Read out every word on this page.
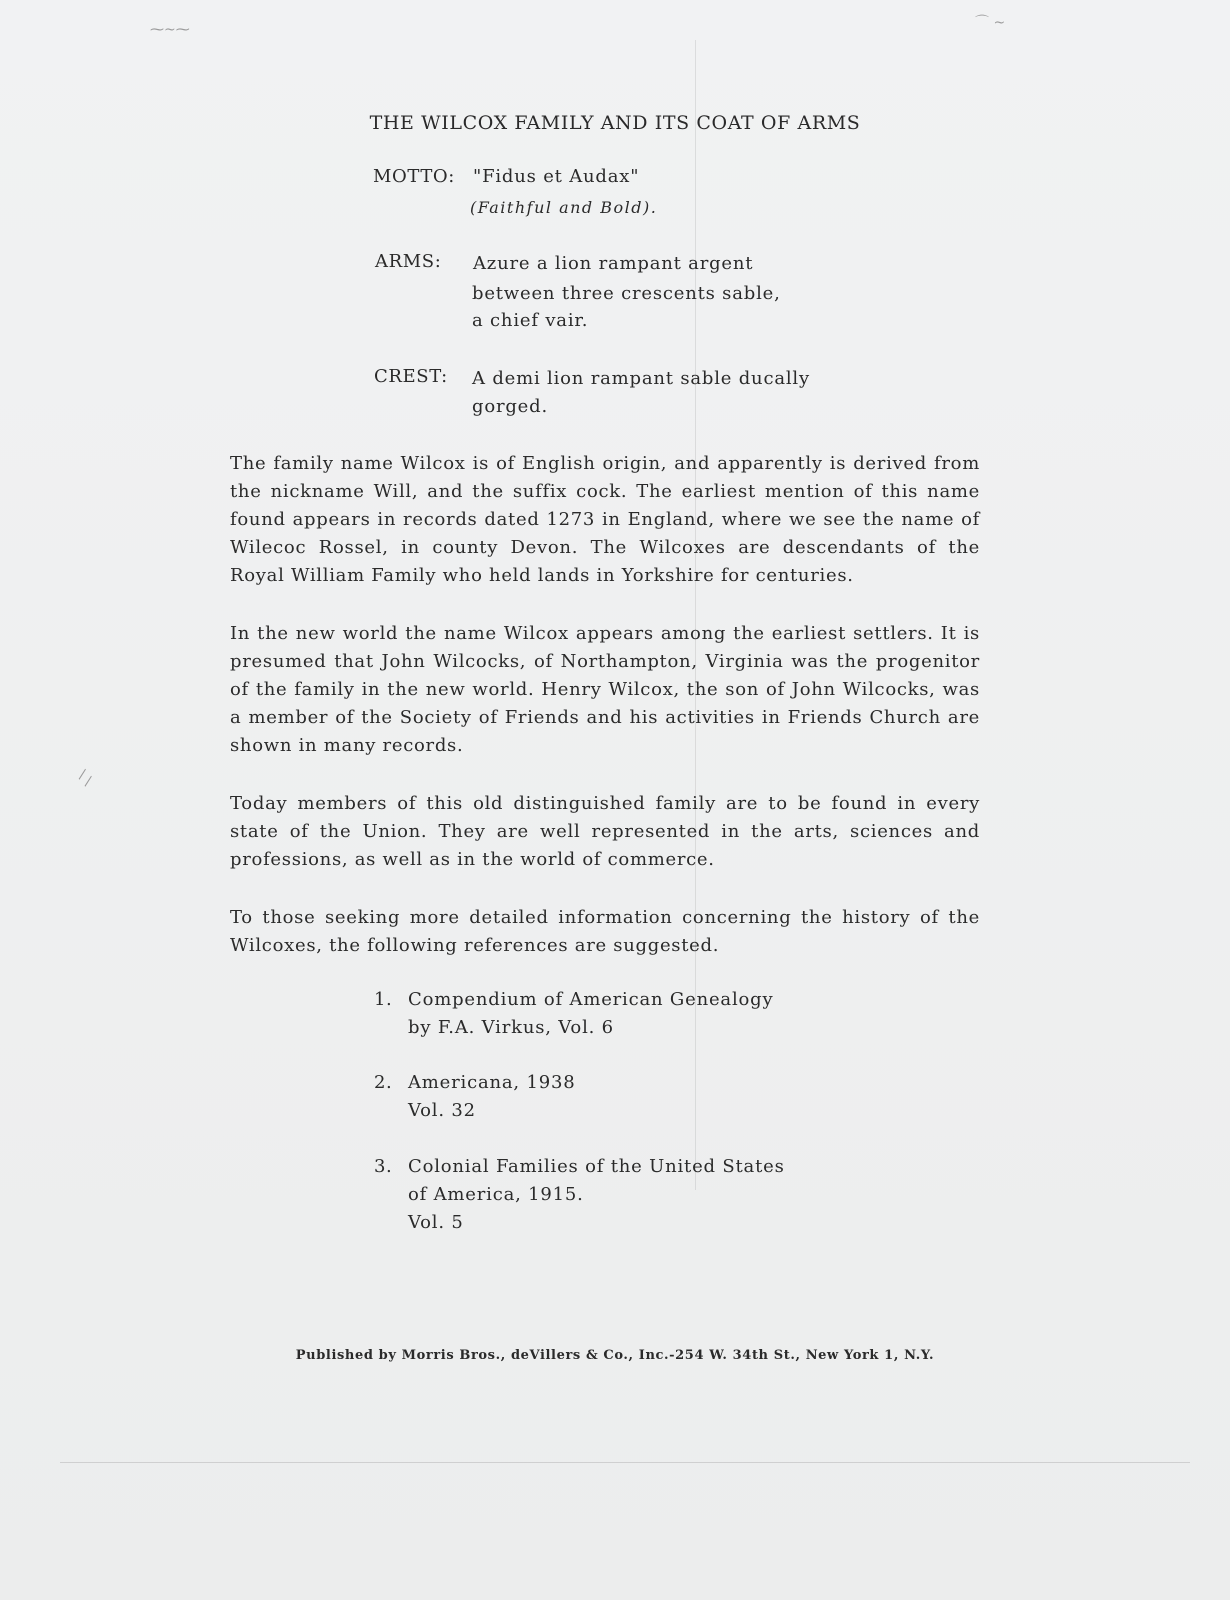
⁓~⁓	⌒ ~
\ \
THE WILCOX FAMILY AND ITS COAT OF ARMS
MOTTO: "Fidus et Audax"
(Faithful and Bold).
ARMS: Azure a lion rampant argent
between three crescents sable,
a chief vair.
CREST: A demi lion rampant sable ducally
gorged.
The family name Wilcox is of English origin, and apparently is derived from the nickname Will, and the suffix cock. The earliest mention of this name found appears in records dated 1273 in England, where we see the name of Wilecoc Rossel, in county Devon. The Wilcoxes are descendants of the Royal William Family who held lands in Yorkshire for centuries.
In the new world the name Wilcox appears among the earliest settlers. It is presumed that John Wilcocks, of Northampton, Virginia was the progenitor of the family in the new world. Henry Wilcox, the son of John Wilcocks, was a member of the Society of Friends and his activities in Friends Church are shown in many records.
Today members of this old distinguished family are to be found in every state of the Union. They are well represented in the arts, sciences and professions, as well as in the world of commerce.
To those seeking more detailed information concerning the history of the Wilcoxes, the following references are suggested.
1. Compendium of American Genealogy
by F.A. Virkus, Vol. 6
2. Americana, 1938
Vol. 32
3. Colonial Families of the United States
of America, 1915.
Vol. 5
Published by Morris Bros., deVillers & Co., Inc.-254 W. 34th St., New York 1, N.Y.
